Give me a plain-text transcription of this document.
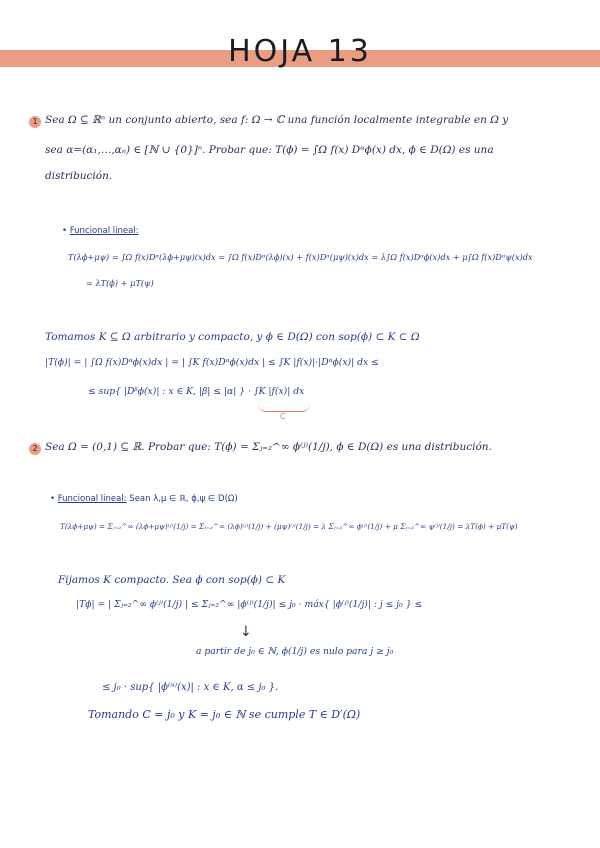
HOJA 13
1 Sea Ω ⊆ ℝⁿ un conjunto abierto, sea f: Ω → ℂ una función localmente integrable en Ω y
sea α=(α₁,…,αₙ) ∈ [ℕ ∪ {0}]ⁿ. Probar que: T(ϕ) = ∫Ω f(x) Dᵅϕ(x) dx, ϕ ∈ D(Ω) es una
distribución.
• Funcional lineal:
T(λϕ+μψ) = ∫Ω f(x)Dᵅ(λϕ+μψ)(x)dx = ∫Ω f(x)Dᵅ(λϕ)(x) + f(x)Dᵅ(μψ)(x)dx = λ∫Ω f(x)Dᵅϕ(x)dx + μ∫Ω f(x)Dᵅψ(x)dx
= λT(ϕ) + μT(ψ)
Tomamos K ⊆ Ω arbitrario y compacto, y ϕ ∈ D(Ω) con sop(ϕ) ⊂ K ⊂ Ω
|T(ϕ)| = | ∫Ω f(x)Dᵅϕ(x)dx | = | ∫K f(x)Dᵅϕ(x)dx | ≤ ∫K |f(x)|·|Dᵅϕ(x)| dx ≤
≤ sup{ |Dᵝϕ(x)| : x ∈ K, |β| ≤ |α| } · ∫K |f(x)| dx
C
2 Sea Ω = (0,1) ⊆ ℝ. Probar que: T(ϕ) = Σⱼ₌₂^∞ ϕ⁽ʲ⁾(1/j), ϕ ∈ D(Ω) es una distribución.
• Funcional lineal: Sean λ,μ ∈ ℝ, ϕ,ψ ∈ D(Ω)
T(λϕ+μψ) = Σⱼ₌₂^∞ (λϕ+μψ)⁽ʲ⁾(1/j) = Σⱼ₌₂^∞ (λϕ)⁽ʲ⁾(1/j) + (μψ)⁽ʲ⁾(1/j) = λ Σⱼ₌₂^∞ ϕ⁽ʲ⁾(1/j) + μ Σⱼ₌₂^∞ ψ⁽ʲ⁾(1/j) = λT(ϕ) + μT(ψ)
Fijamos K compacto. Sea ϕ con sop(ϕ) ⊂ K
|Tϕ| = | Σⱼ₌₂^∞ ϕ⁽ʲ⁾(1/j) | ≤ Σⱼ₌₂^∞ |ϕ⁽ʲ⁾(1/j)| ≤ j₀ · máx{ |ϕ⁽ʲ⁾(1/j)| : j ≤ j₀ } ≤
↓
a partir de j₀ ∈ ℕ, ϕ(1/j) es nulo para j ≥ j₀
≤ j₀ · sup{ |ϕ⁽ᵅ⁾(x)| : x ∈ K, α ≤ j₀ }.
Tomando C = j₀ y K = j₀ ∈ ℕ se cumple T ∈ D′(Ω)
